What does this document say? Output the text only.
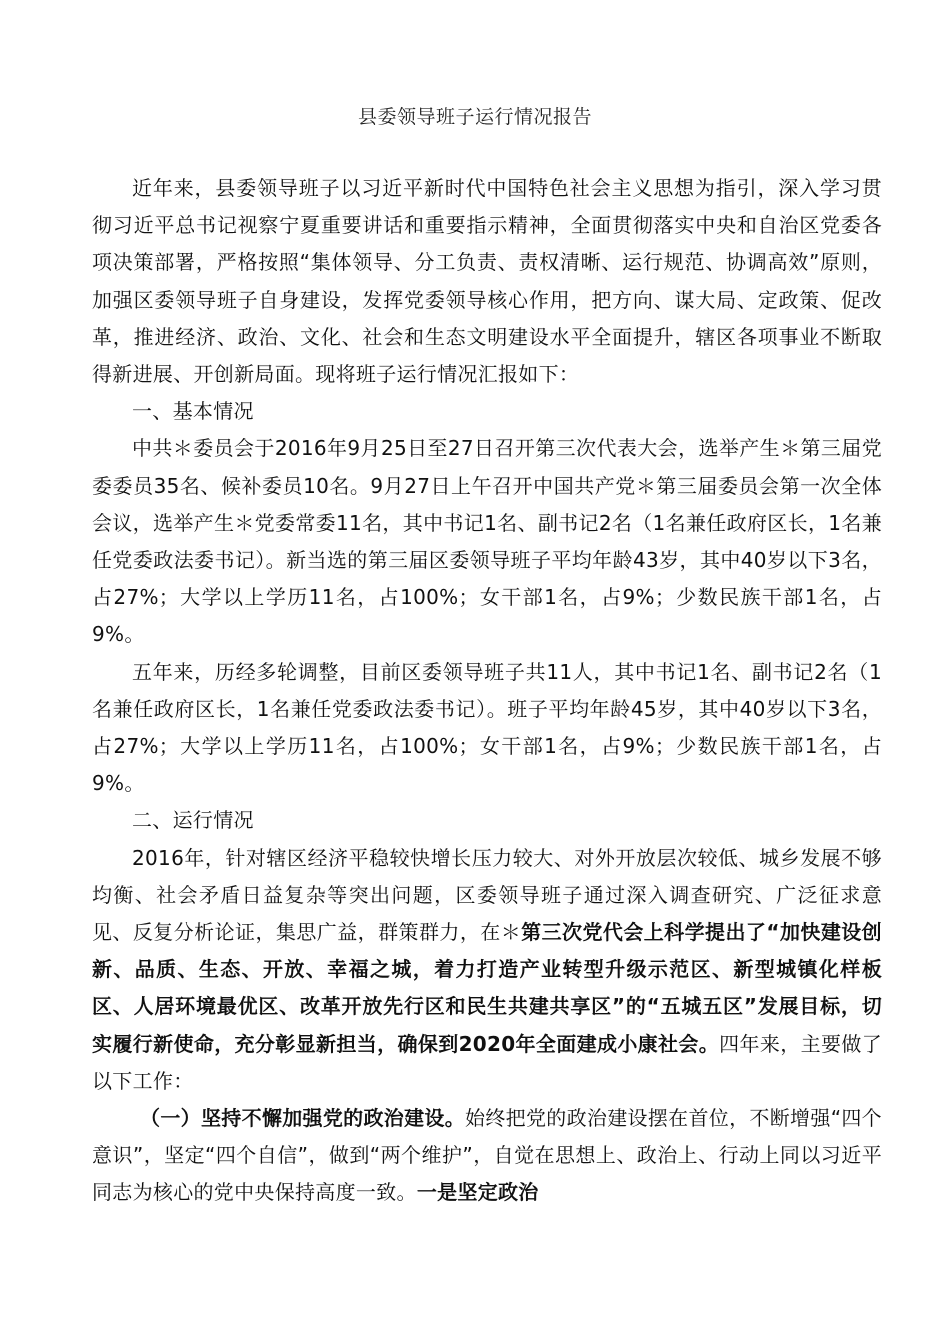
县委领导班子运行情况报告

近年来，县委领导班子以习近平新时代中国特色社会主义思想为指引，深入学习贯彻习近平总书记视察宁夏重要讲话和重要指示精神，全面贯彻落实中央和自治区党委各项决策部署，严格按照“集体领导、分工负责、责权清晰、运行规范、协调高效”原则，加强区委领导班子自身建设，发挥党委领导核心作用，把方向、谋大局、定政策、促改革，推进经济、政治、文化、社会和生态文明建设水平全面提升，辖区各项事业不断取得新进展、开创新局面。现将班子运行情况汇报如下：

一、基本情况

中共＊委员会于2016年9月25日至27日召开第三次代表大会，选举产生＊第三届党委委员35名、候补委员10名。9月27日上午召开中国共产党＊第三届委员会第一次全体会议，选举产生＊党委常委11名，其中书记1名、副书记2名（1名兼任政府区长，1名兼任党委政法委书记）。新当选的第三届区委领导班子平均年龄43岁，其中40岁以下3名，占27%；大学以上学历11名，占100%；女干部1名，占9%；少数民族干部1名，占9%。

五年来，历经多轮调整，目前区委领导班子共11人，其中书记1名、副书记2名（1名兼任政府区长，1名兼任党委政法委书记）。班子平均年龄45岁，其中40岁以下3名，占27%；大学以上学历11名，占100%；女干部1名，占9%；少数民族干部1名，占9%。

二、运行情况

2016年，针对辖区经济平稳较快增长压力较大、对外开放层次较低、城乡发展不够均衡、社会矛盾日益复杂等突出问题，区委领导班子通过深入调查研究、广泛征求意见、反复分析论证，集思广益，群策群力，在＊第三次党代会上科学提出了“加快建设创新、品质、生态、开放、幸福之城，着力打造产业转型升级示范区、新型城镇化样板区、人居环境最优区、改革开放先行区和民生共建共享区”的“五城五区”发展目标，切实履行新使命，充分彰显新担当，确保到2020年全面建成小康社会。四年来，主要做了以下工作：

（一）坚持不懈加强党的政治建设。始终把党的政治建设摆在首位，不断增强“四个意识”，坚定“四个自信”，做到“两个维护”，自觉在思想上、政治上、行动上同以习近平同志为核心的党中央保持高度一致。一是坚定政治
